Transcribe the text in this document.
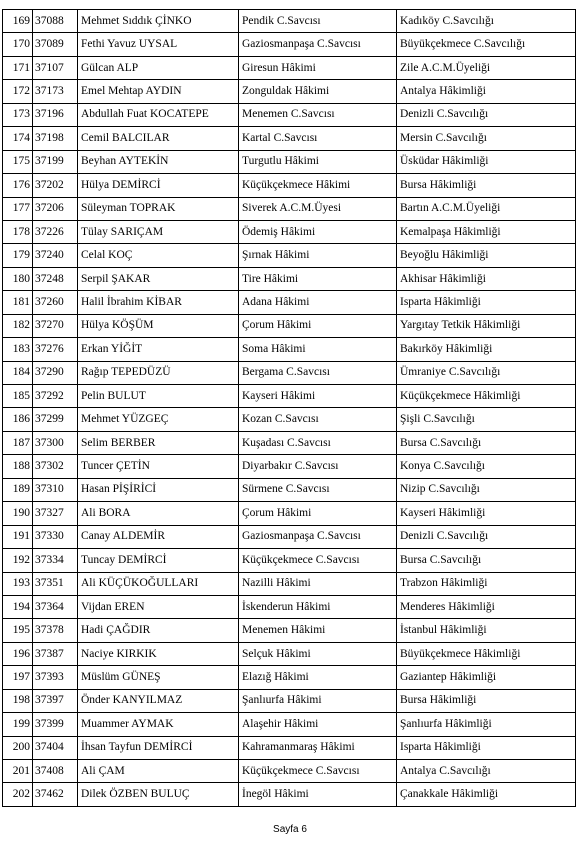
169	37088	Mehmet Sıddık ÇİNKO	Pendik C.Savcısı	Kadıköy C.Savcılığı
170	37089	Fethi Yavuz UYSAL	Gaziosmanpaşa C.Savcısı	Büyükçekmece C.Savcılığı
171	37107	Gülcan ALP	Giresun Hâkimi	Zile A.C.M.Üyeliği
172	37173	Emel Mehtap AYDIN	Zonguldak Hâkimi	Antalya Hâkimliği
173	37196	Abdullah Fuat KOCATEPE	Menemen C.Savcısı	Denizli C.Savcılığı
174	37198	Cemil BALCILAR	Kartal C.Savcısı	Mersin C.Savcılığı
175	37199	Beyhan AYTEKİN	Turgutlu Hâkimi	Üsküdar Hâkimliği
176	37202	Hülya DEMİRCİ	Küçükçekmece Hâkimi	Bursa Hâkimliği
177	37206	Süleyman TOPRAK	Siverek A.C.M.Üyesi	Bartın A.C.M.Üyeliği
178	37226	Tülay SARIÇAM	Ödemiş Hâkimi	Kemalpaşa Hâkimliği
179	37240	Celal KOÇ	Şırnak Hâkimi	Beyoğlu Hâkimliği
180	37248	Serpil ŞAKAR	Tire Hâkimi	Akhisar Hâkimliği
181	37260	Halil İbrahim KİBAR	Adana Hâkimi	Isparta Hâkimliği
182	37270	Hülya KÖŞÜM	Çorum Hâkimi	Yargıtay Tetkik Hâkimliği
183	37276	Erkan YİĞİT	Soma Hâkimi	Bakırköy Hâkimliği
184	37290	Rağıp TEPEDÜZÜ	Bergama C.Savcısı	Ümraniye C.Savcılığı
185	37292	Pelin BULUT	Kayseri Hâkimi	Küçükçekmece Hâkimliği
186	37299	Mehmet YÜZGEÇ	Kozan C.Savcısı	Şişli C.Savcılığı
187	37300	Selim BERBER	Kuşadası C.Savcısı	Bursa C.Savcılığı
188	37302	Tuncer ÇETİN	Diyarbakır C.Savcısı	Konya C.Savcılığı
189	37310	Hasan PİŞİRİCİ	Sürmene C.Savcısı	Nizip C.Savcılığı
190	37327	Ali BORA	Çorum Hâkimi	Kayseri Hâkimliği
191	37330	Canay ALDEMİR	Gaziosmanpaşa C.Savcısı	Denizli C.Savcılığı
192	37334	Tuncay DEMİRCİ	Küçükçekmece C.Savcısı	Bursa C.Savcılığı
193	37351	Ali KÜÇÜKOĞULLARI	Nazilli Hâkimi	Trabzon Hâkimliği
194	37364	Vijdan EREN	İskenderun Hâkimi	Menderes Hâkimliği
195	37378	Hadi ÇAĞDIR	Menemen Hâkimi	İstanbul Hâkimliği
196	37387	Naciye KIRKIK	Selçuk Hâkimi	Büyükçekmece Hâkimliği
197	37393	Müslüm GÜNEŞ	Elazığ Hâkimi	Gaziantep Hâkimliği
198	37397	Önder KANYILMAZ	Şanlıurfa Hâkimi	Bursa Hâkimliği
199	37399	Muammer AYMAK	Alaşehir Hâkimi	Şanlıurfa Hâkimliği
200	37404	İhsan Tayfun DEMİRCİ	Kahramanmaraş Hâkimi	Isparta Hâkimliği
201	37408	Ali ÇAM	Küçükçekmece C.Savcısı	Antalya C.Savcılığı
202	37462	Dilek ÖZBEN BULUÇ	İnegöl Hâkimi	Çanakkale Hâkimliği
Sayfa 6
